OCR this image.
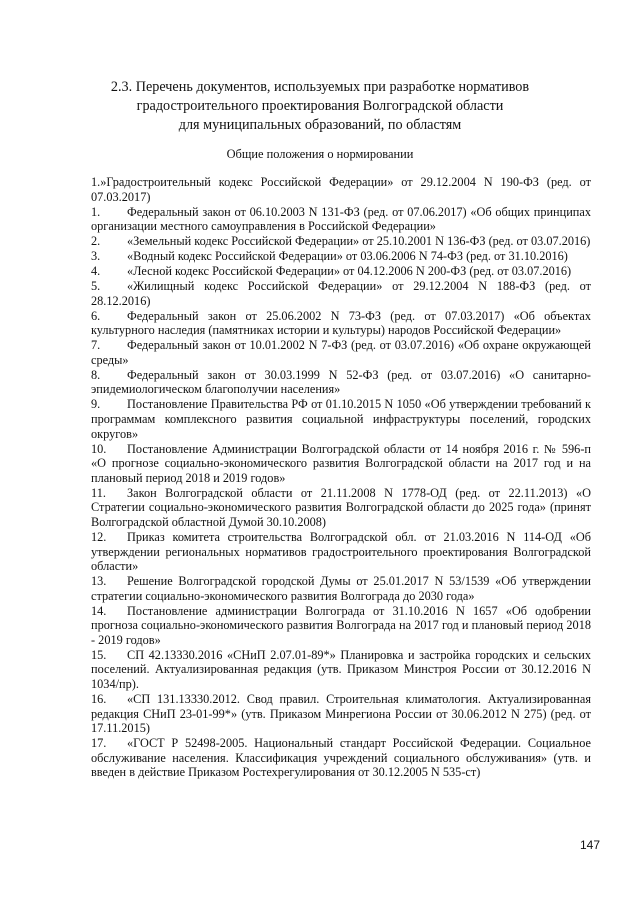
2.3. Перечень документов, используемых при разработке нормативов
градостроительного проектирования Волгоградской области
для муниципальных образований, по областям
Общие положения о нормировании
1.»Градостроительный кодекс Российской Федерации» от 29.12.2004 N 190-ФЗ (ред. от 07.03.2017)
1. Федеральный закон от 06.10.2003 N 131-ФЗ (ред. от 07.06.2017) «Об общих принципах организации местного самоуправления в Российской Федерации»
2. «Земельный кодекс Российской Федерации» от 25.10.2001 N 136-ФЗ (ред. от 03.07.2016)
3. «Водный кодекс Российской Федерации» от 03.06.2006 N 74-ФЗ (ред. от 31.10.2016)
4. «Лесной кодекс Российской Федерации» от 04.12.2006 N 200-ФЗ (ред. от 03.07.2016)
5. «Жилищный кодекс Российской Федерации» от 29.12.2004 N 188-ФЗ (ред. от 28.12.2016)
6. Федеральный закон от 25.06.2002 N 73-ФЗ (ред. от 07.03.2017) «Об объектах культурного наследия (памятниках истории и культуры) народов Российской Федерации»
7. Федеральный закон от 10.01.2002 N 7-ФЗ (ред. от 03.07.2016) «Об охране окружающей среды»
8. Федеральный закон от 30.03.1999 N 52-ФЗ (ред. от 03.07.2016) «О санитарно-эпидемиологическом благополучии населения»
9. Постановление Правительства РФ от 01.10.2015 N 1050 «Об утверждении требований к программам комплексного развития социальной инфраструктуры поселений, городских округов»
10. Постановление Администрации Волгоградской области от 14 ноября 2016 г. № 596-п «О прогнозе социально-экономического развития Волгоградской области на 2017 год и на плановый период 2018 и 2019 годов»
11. Закон Волгоградской области от 21.11.2008 N 1778-ОД (ред. от 22.11.2013) «О Стратегии социально-экономического развития Волгоградской области до 2025 года» (принят Волгоградской областной Думой 30.10.2008)
12. Приказ комитета строительства Волгоградской обл. от 21.03.2016 N 114-ОД «Об утверждении региональных нормативов градостроительного проектирования Волгоградской области»
13. Решение Волгоградской городской Думы от 25.01.2017 N 53/1539 «Об утверждении стратегии социально-экономического развития Волгограда до 2030 года»
14. Постановление администрации Волгограда от 31.10.2016 N 1657 «Об одобрении прогноза социально-экономического развития Волгограда на 2017 год и плановый период 2018 - 2019 годов»
15. СП 42.13330.2016 «СНиП 2.07.01-89*» Планировка и застройка городских и сельских поселений. Актуализированная редакция (утв. Приказом Минстроя России от 30.12.2016 N 1034/пр).
16. «СП 131.13330.2012. Свод правил. Строительная климатология. Актуализированная редакция СНиП 23-01-99*» (утв. Приказом Минрегиона России от 30.06.2012 N 275) (ред. от 17.11.2015)
17. «ГОСТ Р 52498-2005. Национальный стандарт Российской Федерации. Социальное обслуживание населения. Классификация учреждений социального обслуживания» (утв. и введен в действие Приказом Ростехрегулирования от 30.12.2005 N 535-ст)
147
